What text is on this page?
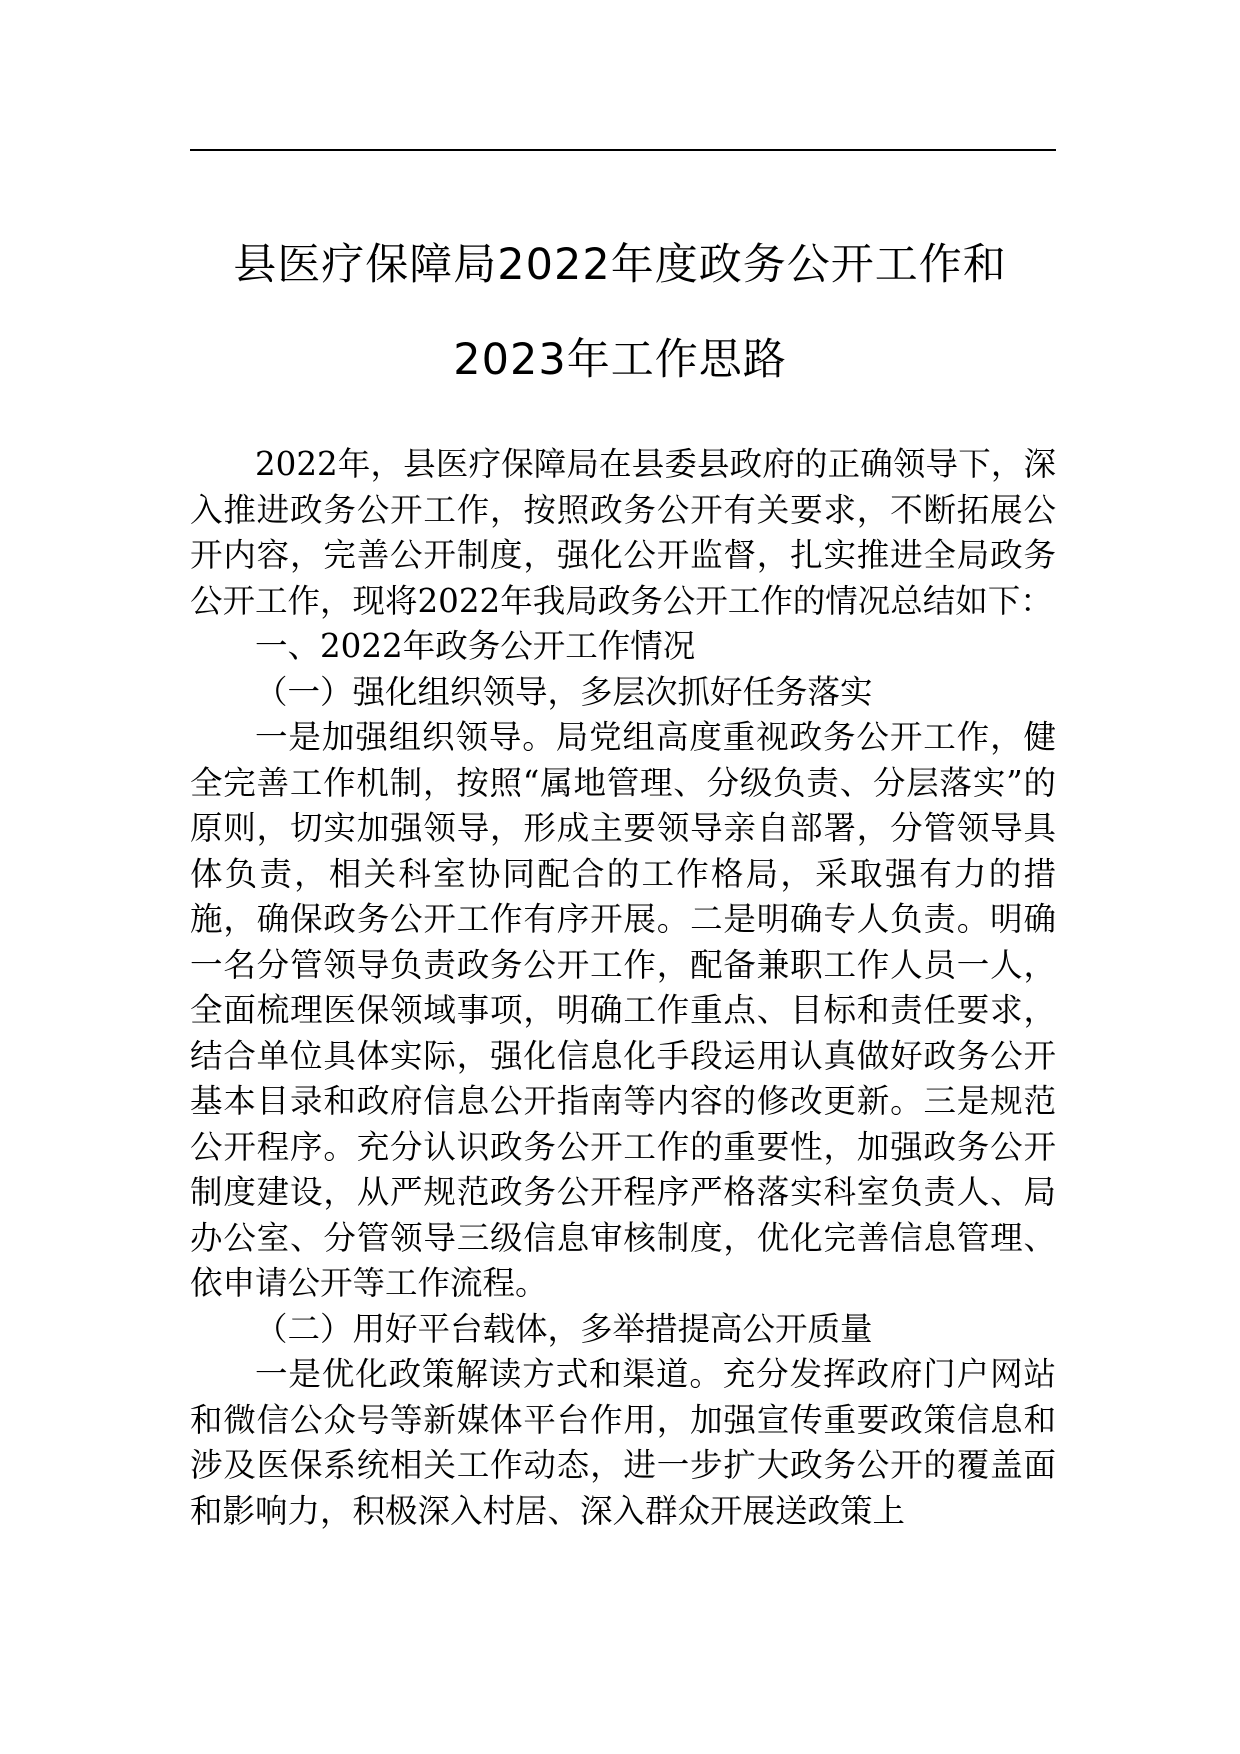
县医疗保障局2022年度政务公开工作和
2023年工作思路

2022年，县医疗保障局在县委县政府的正确领导下，深入推进政务公开工作，按照政务公开有关要求，不断拓展公开内容，完善公开制度，强化公开监督，扎实推进全局政务公开工作，现将2022年我局政务公开工作的情况总结如下：

一、2022年政务公开工作情况

（一）强化组织领导，多层次抓好任务落实

一是加强组织领导。局党组高度重视政务公开工作，健全完善工作机制，按照“属地管理、分级负责、分层落实”的原则，切实加强领导，形成主要领导亲自部署，分管领导具体负责，相关科室协同配合的工作格局，采取强有力的措施，确保政务公开工作有序开展。二是明确专人负责。明确一名分管领导负责政务公开工作，配备兼职工作人员一人，全面梳理医保领域事项，明确工作重点、目标和责任要求，结合单位具体实际，强化信息化手段运用认真做好政务公开基本目录和政府信息公开指南等内容的修改更新。三是规范公开程序。充分认识政务公开工作的重要性，加强政务公开制度建设，从严规范政务公开程序严格落实科室负责人、局办公室、分管领导三级信息审核制度，优化完善信息管理、依申请公开等工作流程。

（二）用好平台载体，多举措提高公开质量

一是优化政策解读方式和渠道。充分发挥政府门户网站和微信公众号等新媒体平台作用，加强宣传重要政策信息和涉及医保系统相关工作动态，进一步扩大政务公开的覆盖面和影响力，积极深入村居、深入群众开展送政策上
